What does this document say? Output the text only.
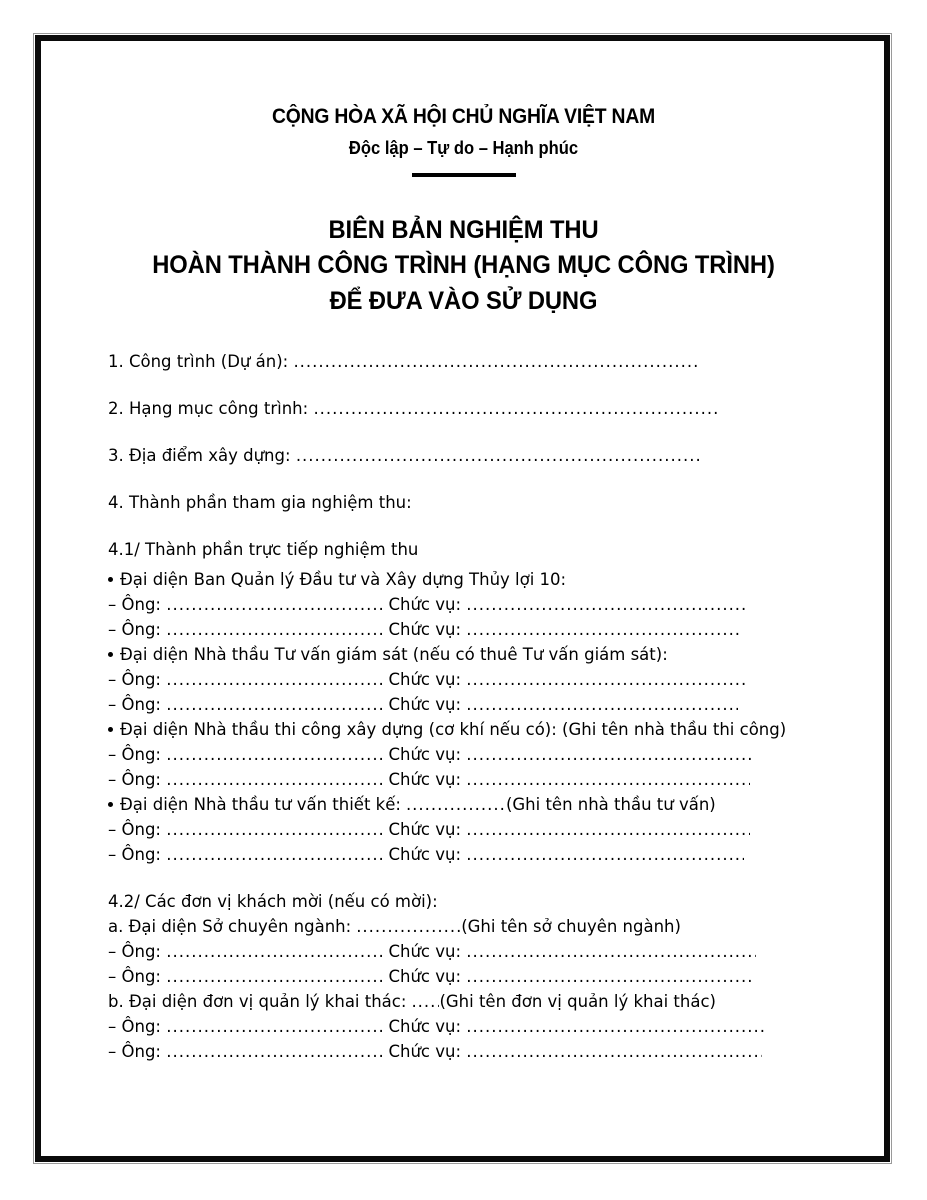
CỘNG HÒA XÃ HỘI CHỦ NGHĨA VIỆT NAM
Độc lập – Tự do – Hạnh phúc
BIÊN BẢN NGHIỆM THU
HOÀN THÀNH CÔNG TRÌNH (HẠNG MỤC CÔNG TRÌNH)
ĐỂ ĐƯA VÀO SỬ DỤNG
1. Công trình (Dự án): .....
2. Hạng mục công trình: .....
3. Địa điểm xây dựng: .....
4. Thành phần tham gia nghiệm thu:
4.1/ Thành phần trực tiếp nghiệm thu
Đại diện Ban Quản lý Đầu tư và Xây dựng Thủy lợi 10:
– Ông: .....	Chức vụ: .....
– Ông: .....	Chức vụ: .....
Đại diện Nhà thầu Tư vấn giám sát (nếu có thuê Tư vấn giám sát):
– Ông: .....	Chức vụ: .....
– Ông: .....	Chức vụ: .....
Đại diện Nhà thầu thi công xây dựng (cơ khí nếu có): (Ghi tên nhà thầu thi công)
– Ông: .....	Chức vụ: .....
– Ông: .....	Chức vụ: .....
Đại diện Nhà thầu tư vấn thiết kế: .....	(Ghi tên nhà thầu tư vấn)
– Ông: .....	Chức vụ: .....
– Ông: .....	Chức vụ: .....
4.2/ Các đơn vị khách mời (nếu có mời):
a. Đại diện Sở chuyên ngành: .....	(Ghi tên sở chuyên ngành)
– Ông: .....	Chức vụ: .....
– Ông: .....	Chức vụ: .....
b. Đại diện đơn vị quản lý khai thác: ..... (Ghi tên đơn vị quản lý khai thác)
– Ông: .....	Chức vụ: .....
– Ông: .....	Chức vụ: .....
